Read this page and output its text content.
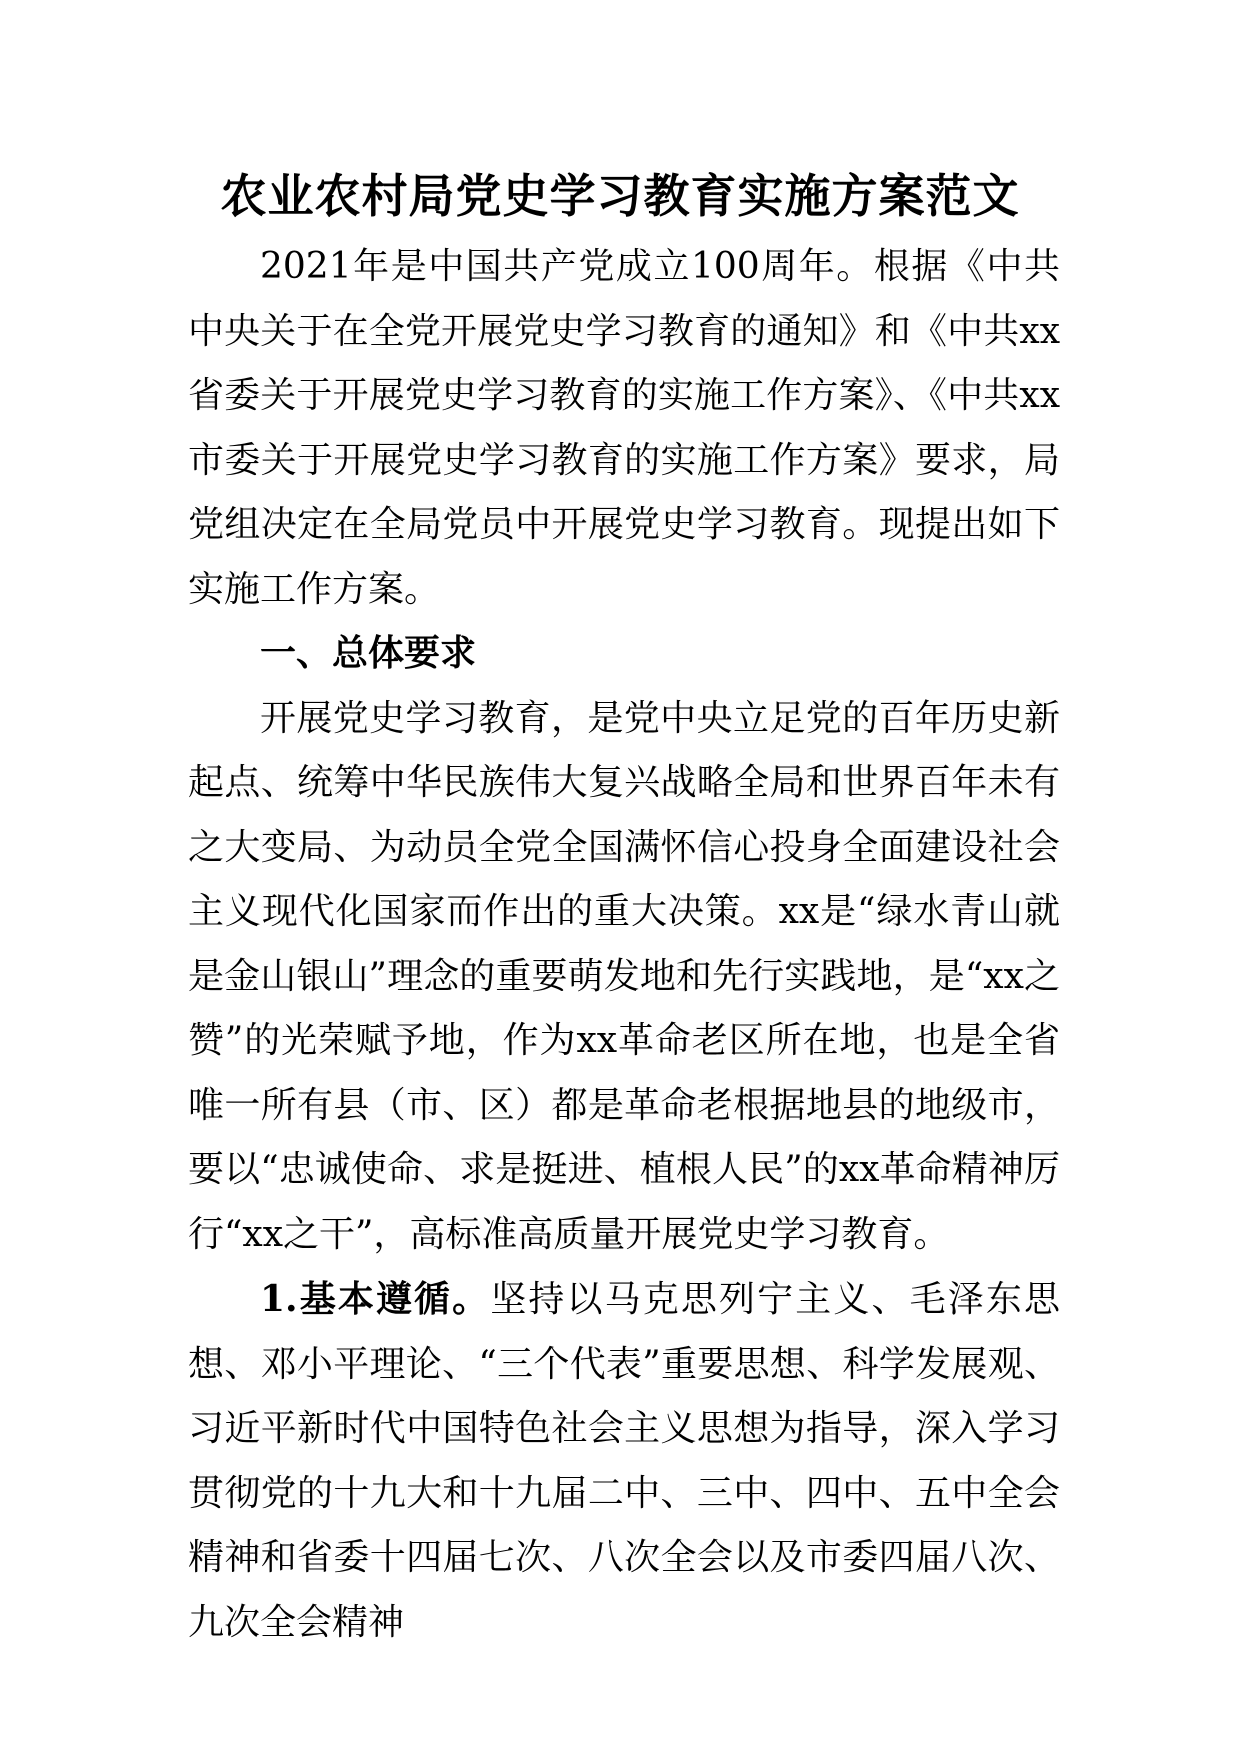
农业农村局党史学习教育实施方案范文

2021年是中国共产党成立100周年。根据《中共中央关于在全党开展党史学习教育的通知》和《中共xx省委关于开展党史学习教育的实施工作方案》、《中共xx市委关于开展党史学习教育的实施工作方案》要求，局党组决定在全局党员中开展党史学习教育。现提出如下实施工作方案。

一、总体要求

开展党史学习教育，是党中央立足党的百年历史新起点、统筹中华民族伟大复兴战略全局和世界百年未有之大变局、为动员全党全国满怀信心投身全面建设社会主义现代化国家而作出的重大决策。xx是“绿水青山就是金山银山”理念的重要萌发地和先行实践地，是“xx之赞”的光荣赋予地，作为xx革命老区所在地，也是全省唯一所有县（市、区）都是革命老根据地县的地级市，要以“忠诚使命、求是挺进、植根人民”的xx革命精神厉行“xx之干”，高标准高质量开展党史学习教育。

1.基本遵循。坚持以马克思列宁主义、毛泽东思想、邓小平理论、“三个代表”重要思想、科学发展观、习近平新时代中国特色社会主义思想为指导，深入学习贯彻党的十九大和十九届二中、三中、四中、五中全会精神和省委十四届七次、八次全会以及市委四届八次、九次全会精神
